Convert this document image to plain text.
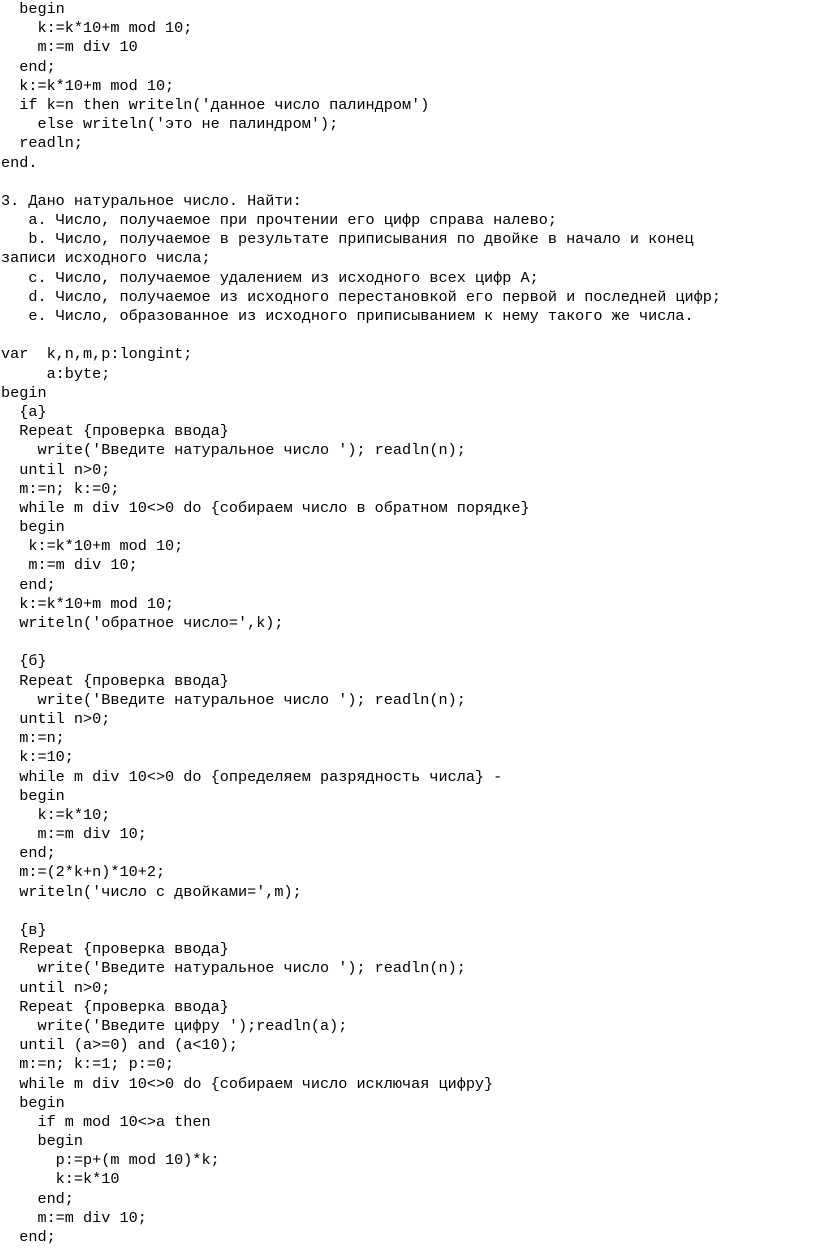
begin
k:=k*10+m mod 10;
m:=m div 10
end;
k:=k*10+m mod 10;
if k=n then writeln('данное число палиндром')
else writeln('это не палиндром');
readln;
end.
3. Дано натуральное число. Найти:
a. Число, получаемое при прочтении его цифр справа налево;
b. Число, получаемое в результате приписывания по двойке в начало и конец
записи исходного числа;
c. Число, получаемое удалением из исходного всех цифр А;
d. Число, получаемое из исходного перестановкой его первой и последней цифр;
e. Число, образованное из исходного приписыванием к нему такого же числа.
var  k,n,m,p:longint;
a:byte;
begin
{a}
Repeat {проверка ввода}
write('Введите натуральное число '); readln(n);
until n>0;
m:=n; k:=0;
while m div 10<>0 do {собираем число в обратном порядке}
begin
k:=k*10+m mod 10;
m:=m div 10;
end;
k:=k*10+m mod 10;
writeln('обратное число=',k);
{б}
Repeat {проверка ввода}
write('Введите натуральное число '); readln(n);
until n>0;
m:=n;
k:=10;
while m div 10<>0 do {определяем разрядность числа} -
begin
k:=k*10;
m:=m div 10;
end;
m:=(2*k+n)*10+2;
writeln('число с двойками=',m);
{в}
Repeat {проверка ввода}
write('Введите натуральное число '); readln(n);
until n>0;
Repeat {проверка ввода}
write('Введите цифру ');readln(a);
until (a>=0) and (a<10);
m:=n; k:=1; p:=0;
while m div 10<>0 do {собираем число исключая цифру}
begin
if m mod 10<>a then
begin
p:=p+(m mod 10)*k;
k:=k*10
end;
m:=m div 10;
end;
